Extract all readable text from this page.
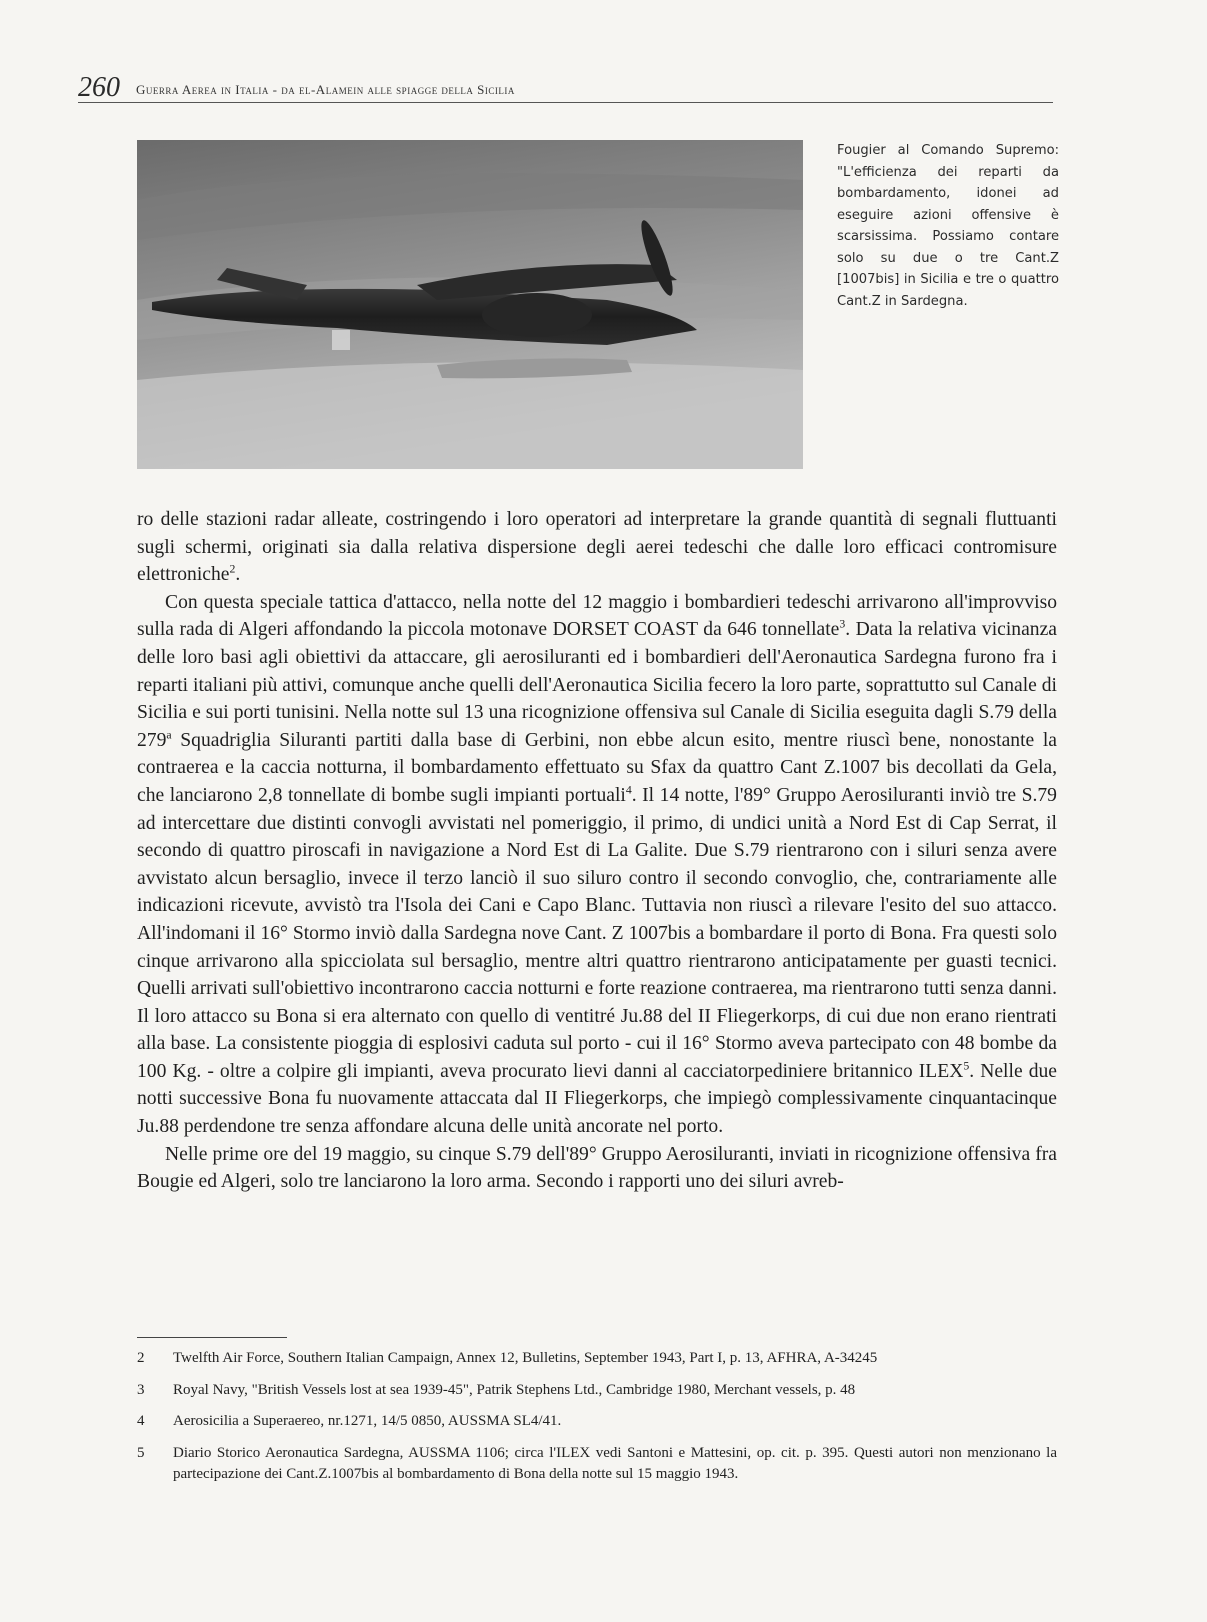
260 Guerra Aerea in Italia - da el-Alamein alle spiagge della Sicilia
Fougier al Comando Supremo: "L'efficienza dei reparti da bombardamento, idonei ad eseguire azioni offensive è scarsissima. Possiamo contare solo su due o tre Cant.Z [1007bis] in Sicilia e tre o quattro Cant.Z in Sardegna.

ro delle stazioni radar alleate, costringendo i loro operatori ad interpretare la grande quantità di segnali fluttuanti sugli schermi, originati sia dalla relativa dispersione degli aerei tedeschi che dalle loro efficaci contromisure elettroniche$^2$.

Con questa speciale tattica d'attacco, nella notte del 12 maggio i bombardieri tedeschi arrivarono all'improvviso sulla rada di Algeri affondando la piccola motonave DORSET COAST da 646 tonnellate$^3$. Data la relativa vicinanza delle loro basi agli obiettivi da attaccare, gli aerosiluranti ed i bombardieri dell'Aeronautica Sardegna furono fra i reparti italiani più attivi, comunque anche quelli dell'Aeronautica Sicilia fecero la loro parte, soprattutto sul Canale di Sicilia e sui porti tunisini. Nella notte sul 13 una ricognizione offensiva sul Canale di Sicilia eseguita dagli S.79 della 279$^a$ Squadriglia Siluranti partiti dalla base di Gerbini, non ebbe alcun esito, mentre riuscì bene, nonostante la contraerea e la caccia notturna, il bombardamento effettuato su Sfax da quattro Cant Z.1007 bis decollati da Gela, che lanciarono 2,8 tonnellate di bombe sugli impianti portuali$^4$. Il 14 notte, l'89° Gruppo Aerosiluranti inviò tre S.79 ad intercettare due distinti convogli avvistati nel pomeriggio, il primo, di undici unità a Nord Est di Cap Serrat, il secondo di quattro piroscafi in navigazione a Nord Est di La Galite. Due S.79 rientrarono con i siluri senza avere avvistato alcun bersaglio, invece il terzo lanciò il suo siluro contro il secondo convoglio, che, contrariamente alle indicazioni ricevute, avvistò tra l'Isola dei Cani e Capo Blanc. Tuttavia non riuscì a rilevare l'esito del suo attacco. All'indomani il 16° Stormo inviò dalla Sardegna nove Cant. Z 1007bis a bombardare il porto di Bona. Fra questi solo cinque arrivarono alla spicciolata sul bersaglio, mentre altri quattro rientrarono anticipatamente per guasti tecnici. Quelli arrivati sull'obiettivo incontrarono caccia notturni e forte reazione contraerea, ma rientrarono tutti senza danni. Il loro attacco su Bona si era alternato con quello di ventitré Ju.88 del II Fliegerkorps, di cui due non erano rientrati alla base. La consistente pioggia di esplosivi caduta sul porto - cui il 16° Stormo aveva partecipato con 48 bombe da 100 Kg. - oltre a colpire gli impianti, aveva procurato lievi danni al cacciatorpediniere britannico ILEX$^5$. Nelle due notti successive Bona fu nuovamente attaccata dal II Fliegerkorps, che impiegò complessivamente cinquantacinque Ju.88 perdendone tre senza affondare alcuna delle unità ancorate nel porto.

Nelle prime ore del 19 maggio, su cinque S.79 dell'89° Gruppo Aerosiluranti, inviati in ricognizione offensiva fra Bougie ed Algeri, solo tre lanciarono la loro arma. Secondo i rapporti uno dei siluri avreb-

2	Twelfth Air Force, Southern Italian Campaign, Annex 12, Bulletins, September 1943, Part I, p. 13, AFHRA, A-34245
3	Royal Navy, "British Vessels lost at sea 1939-45", Patrik Stephens Ltd., Cambridge 1980, Merchant vessels, p. 48
4	Aerosicilia a Superaereo, nr.1271, 14/5 0850, AUSSMA SL4/41.
5	Diario Storico Aeronautica Sardegna, AUSSMA 1106; circa l'ILEX vedi Santoni e Mattesini, op. cit. p. 395. Questi autori non menzionano la partecipazione dei Cant.Z.1007bis al bombardamento di Bona della notte sul 15 maggio 1943.
